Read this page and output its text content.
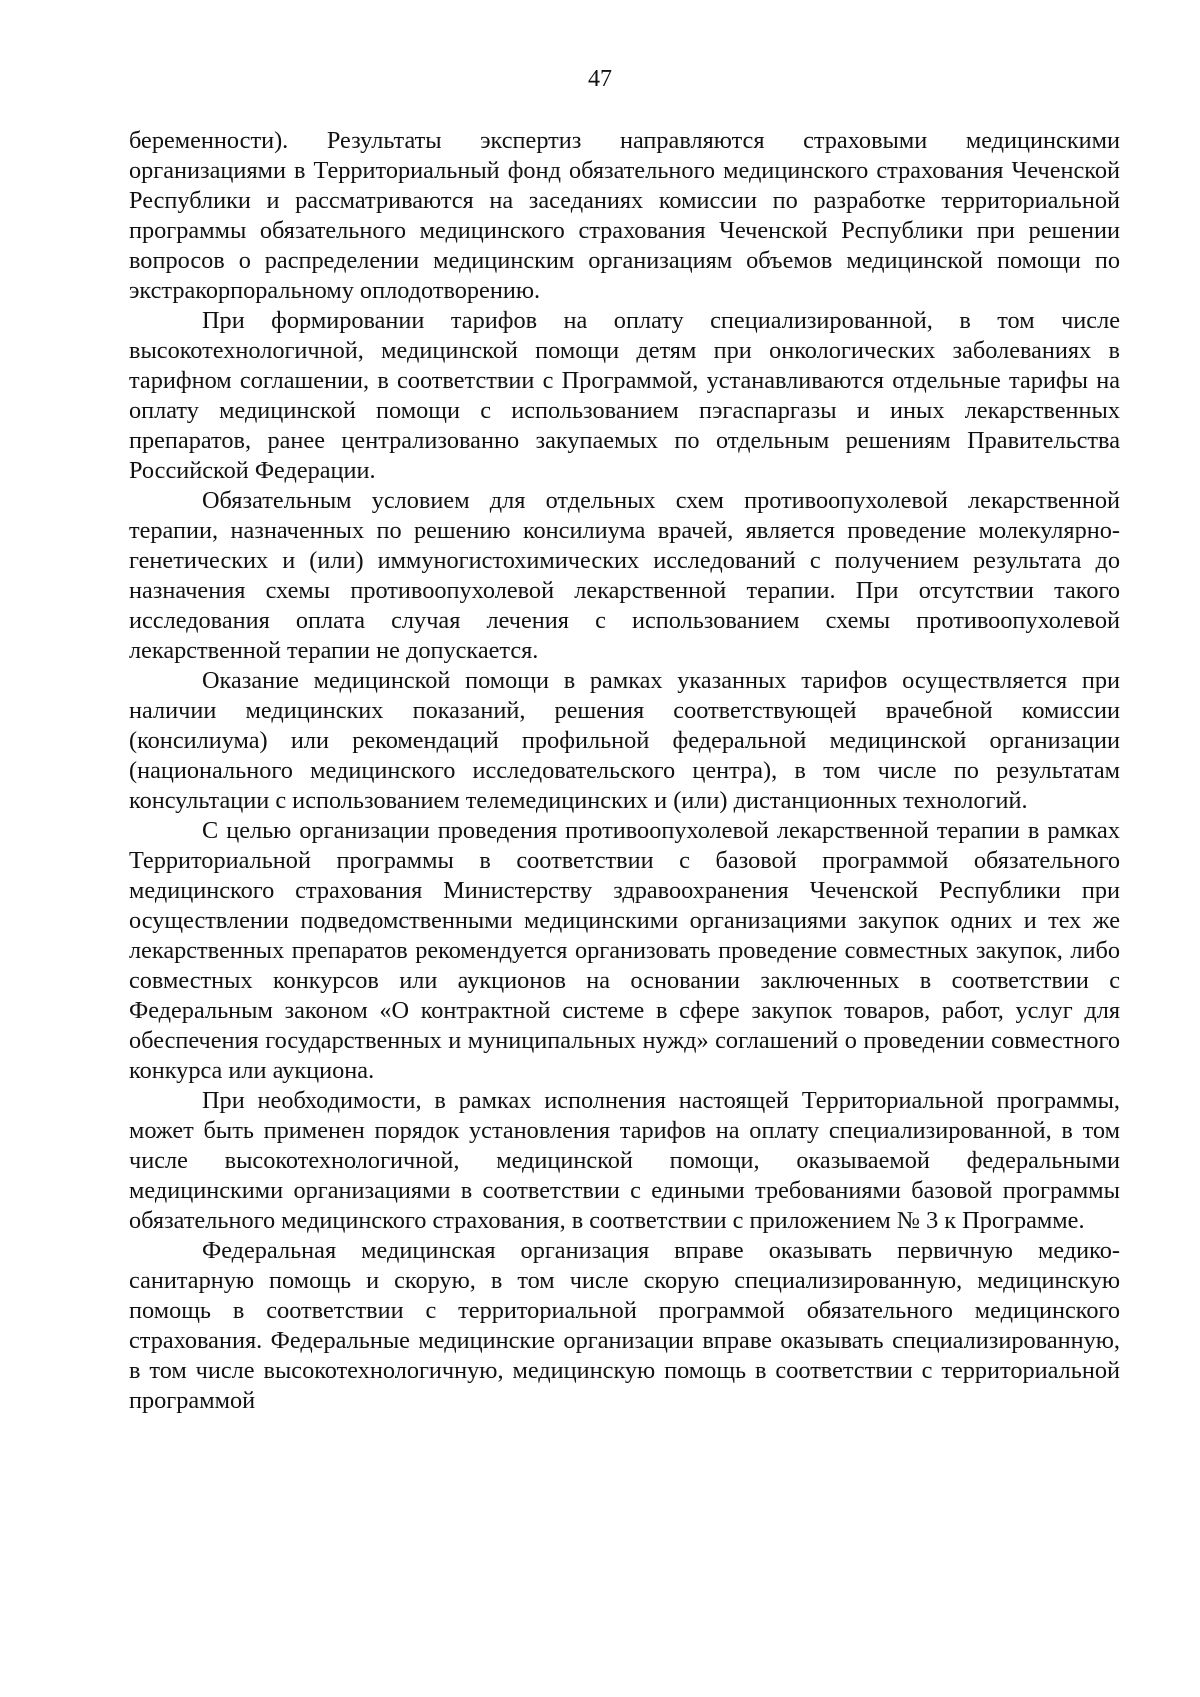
47

беременности). Результаты экспертиз направляются страховыми медицинскими организациями в Территориальный фонд обязательного медицинского страхования Чеченской Республики и рассматриваются на заседаниях комиссии по разработке территориальной программы обязательного медицинского страхования Чеченской Республики при решении вопросов о распределении медицинским организациям объемов медицинской помощи по экстракорпоральному оплодотворению.

При формировании тарифов на оплату специализированной, в том числе высокотехнологичной, медицинской помощи детям при онкологических заболеваниях в тарифном соглашении, в соответствии с Программой, устанавливаются отдельные тарифы на оплату медицинской помощи с использованием пэгаспаргазы и иных лекарственных препаратов, ранее централизованно закупаемых по отдельным решениям Правительства Российской Федерации.

Обязательным условием для отдельных схем противоопухолевой лекарственной терапии, назначенных по решению консилиума врачей, является проведение молекулярно-генетических и (или) иммуногистохимических исследований с получением результата до назначения схемы противоопухолевой лекарственной терапии. При отсутствии такого исследования оплата случая лечения с использованием схемы противоопухолевой лекарственной терапии не допускается.

Оказание медицинской помощи в рамках указанных тарифов осуществляется при наличии медицинских показаний, решения соответствующей врачебной комиссии (консилиума) или рекомендаций профильной федеральной медицинской организации (национального медицинского исследовательского центра), в том числе по результатам консультации с использованием телемедицинских и (или) дистанционных технологий.

С целью организации проведения противоопухолевой лекарственной терапии в рамках Территориальной программы в соответствии с базовой программой обязательного медицинского страхования Министерству здравоохранения Чеченской Республики при осуществлении подведомственными медицинскими организациями закупок одних и тех же лекарственных препаратов рекомендуется организовать проведение совместных закупок, либо совместных конкурсов или аукционов на основании заключенных в соответствии с Федеральным законом «О контрактной системе в сфере закупок товаров, работ, услуг для обеспечения государственных и муниципальных нужд» соглашений о проведении совместного конкурса или аукциона.

При необходимости, в рамках исполнения настоящей Территориальной программы, может быть применен порядок установления тарифов на оплату специализированной, в том числе высокотехнологичной, медицинской помощи, оказываемой федеральными медицинскими организациями в соответствии с едиными требованиями базовой программы обязательного медицинского страхования, в соответствии с приложением № 3 к Программе.

Федеральная медицинская организация вправе оказывать первичную медико-санитарную помощь и скорую, в том числе скорую специализированную, медицинскую помощь в соответствии с территориальной программой обязательного медицинского страхования. Федеральные медицинские организации вправе оказывать специализированную, в том числе высокотехнологичную, медицинскую помощь в соответствии с территориальной программой
